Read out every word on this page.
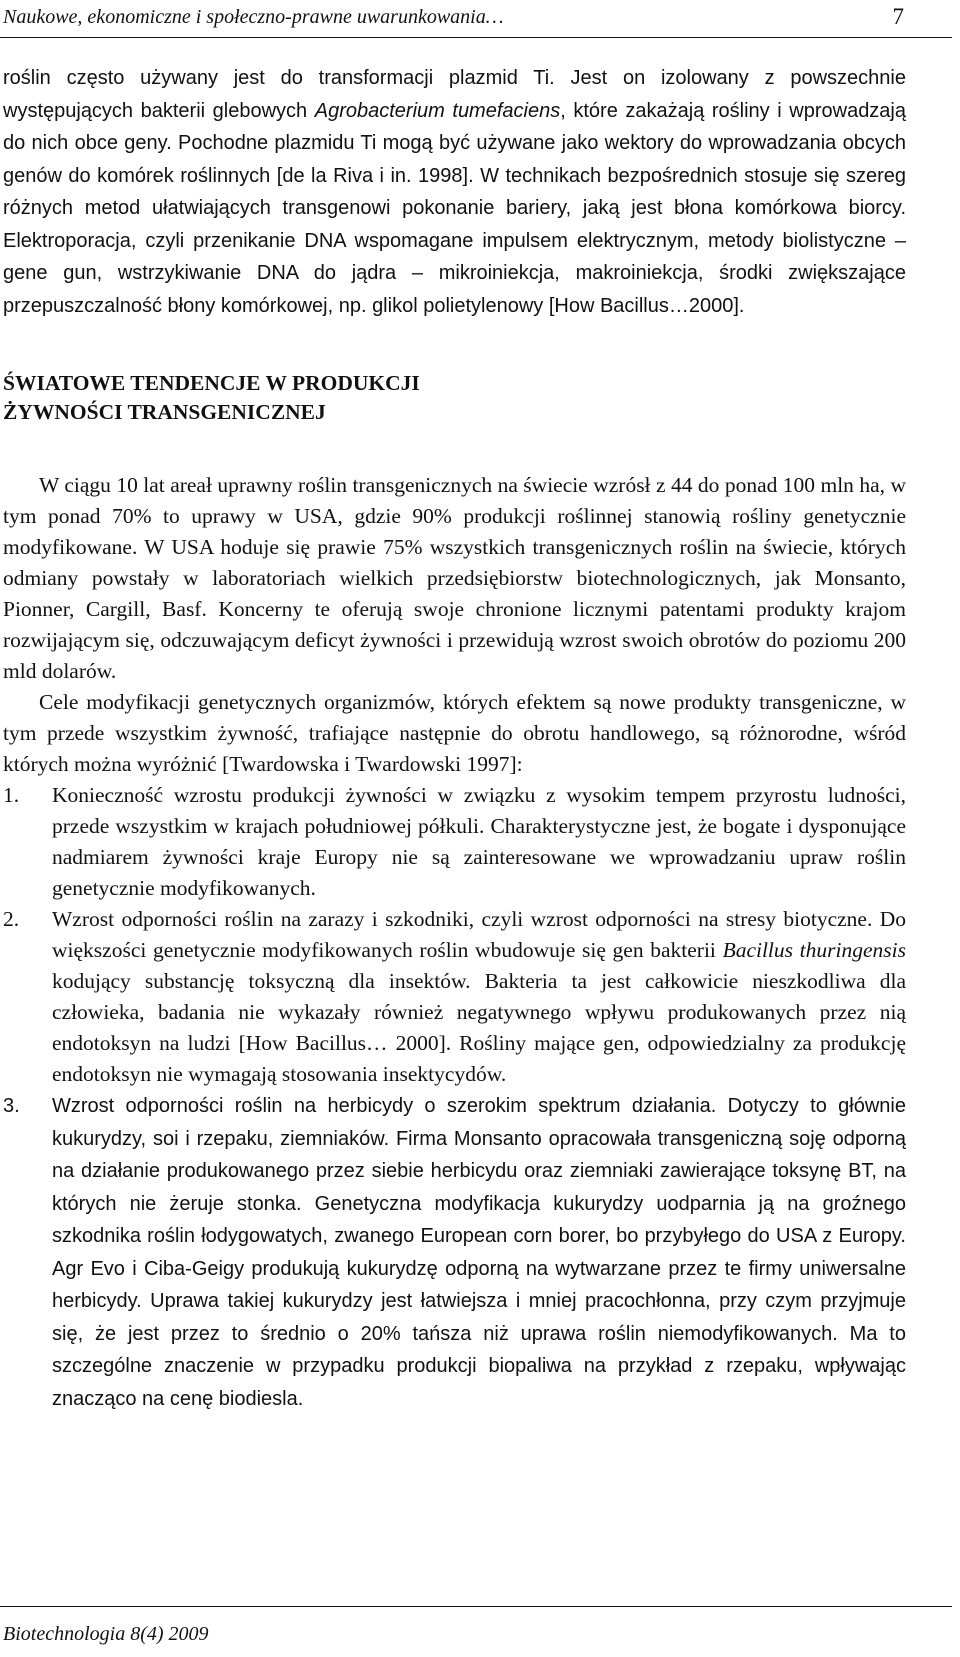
Naukowe, ekonomiczne i społeczno-prawne uwarunkowania…	7

roślin często używany jest do transformacji plazmid Ti. Jest on izolowany z powszechnie występujących bakterii glebowych Agrobacterium tumefaciens, które zakażają rośliny i wprowadzają do nich obce geny. Pochodne plazmidu Ti mogą być używane jako wektory do wprowadzania obcych genów do komórek roślinnych [de la Riva i in. 1998]. W technikach bezpośrednich stosuje się szereg różnych metod ułatwiających transgenowi pokonanie bariery, jaką jest błona komórkowa biorcy. Elektroporacja, czyli przenikanie DNA wspomagane impulsem elektrycznym, metody biolistyczne – gene gun, wstrzykiwanie DNA do jądra – mikroiniekcja, makroiniekcja, środki zwiększające przepuszczalność błony komórkowej, np. glikol polietylenowy [How Bacillus…2000].

ŚWIATOWE TENDENCJE W PRODUKCJI
ŻYWNOŚCI TRANSGENICZNEJ

W ciągu 10 lat areał uprawny roślin transgenicznych na świecie wzrósł z 44 do ponad 100 mln ha, w tym ponad 70% to uprawy w USA, gdzie 90% produkcji roślinnej stanowią rośliny genetycznie modyfikowane. W USA hoduje się prawie 75% wszystkich transgenicznych roślin na świecie, których odmiany powstały w laboratoriach wielkich przedsiębiorstw biotechnologicznych, jak Monsanto, Pionner, Cargill, Basf. Koncerny te oferują swoje chronione licznymi patentami produkty krajom rozwijającym się, odczuwającym deficyt żywności i przewidują wzrost swoich obrotów do poziomu 200 mld dolarów.

Cele modyfikacji genetycznych organizmów, których efektem są nowe produkty transgeniczne, w tym przede wszystkim żywność, trafiające następnie do obrotu handlowego, są różnorodne, wśród których można wyróżnić [Twardowska i Twardowski 1997]:

1. Konieczność wzrostu produkcji żywności w związku z wysokim tempem przyrostu ludności, przede wszystkim w krajach południowej półkuli. Charakterystyczne jest, że bogate i dysponujące nadmiarem żywności kraje Europy nie są zainteresowane we wprowadzaniu upraw roślin genetycznie modyfikowanych.

2. Wzrost odporności roślin na zarazy i szkodniki, czyli wzrost odporności na stresy biotyczne. Do większości genetycznie modyfikowanych roślin wbudowuje się gen bakterii Bacillus thuringensis kodujący substancję toksyczną dla insektów. Bakteria ta jest całkowicie nieszkodliwa dla człowieka, badania nie wykazały również negatywnego wpływu produkowanych przez nią endotoksyn na ludzi [How Bacillus… 2000]. Rośliny mające gen, odpowiedzialny za produkcję endotoksyn nie wymagają stosowania insektycydów.

3. Wzrost odporności roślin na herbicydy o szerokim spektrum działania. Dotyczy to głównie kukurydzy, soi i rzepaku, ziemniaków. Firma Monsanto opracowała transgeniczną soję odporną na działanie produkowanego przez siebie herbicydu oraz ziemniaki zawierające toksynę BT, na których nie żeruje stonka. Genetyczna modyfikacja kukurydzy uodparnia ją na groźnego szkodnika roślin łodygowatych, zwanego European corn borer, bo przybyłego do USA z Europy. Agr Evo i Ciba-Geigy produkują kukurydzę odporną na wytwarzane przez te firmy uniwersalne herbicydy. Uprawa takiej kukurydzy jest łatwiejsza i mniej pracochłonna, przy czym przyjmuje się, że jest przez to średnio o 20% tańsza niż uprawa roślin niemodyfikowanych. Ma to szczególne znaczenie w przypadku produkcji biopaliwa na przykład z rzepaku, wpływając znacząco na cenę biodiesla.

Biotechnologia 8(4) 2009
